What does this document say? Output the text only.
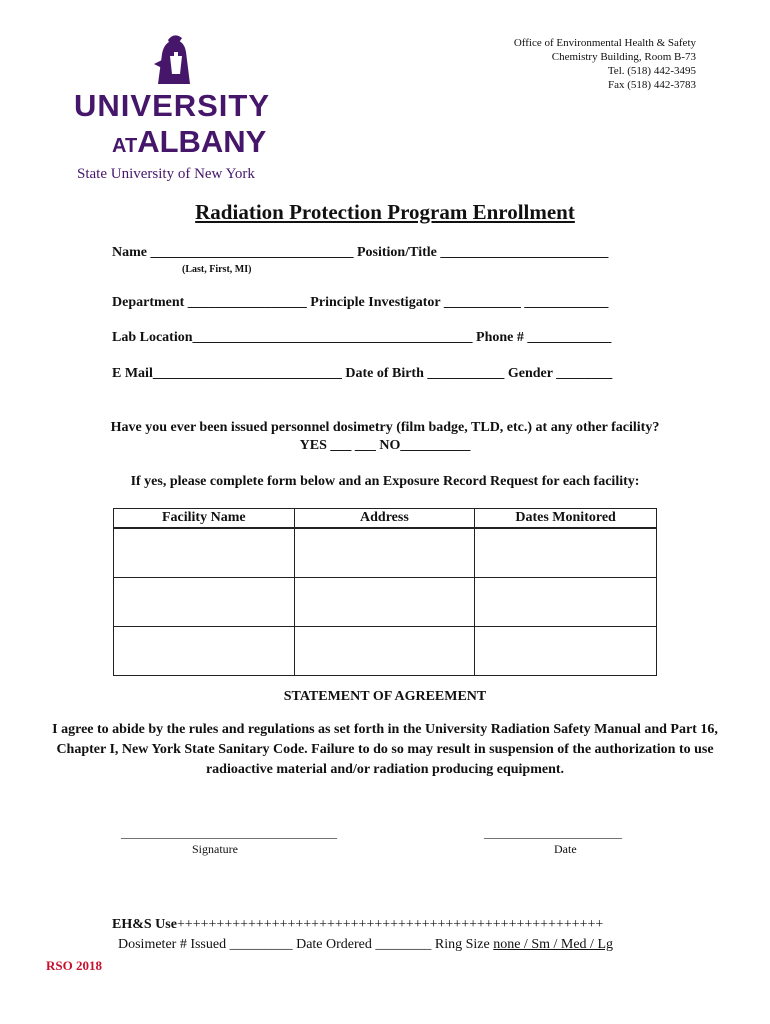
UNIVERSITY
ATALBANY
State University of New York
Office of Environmental Health & Safety
Chemistry Building, Room B-73
Tel. (518) 442-3495
Fax (518) 442-3783
Radiation Protection Program Enrollment
Name _____________________________ Position/Title ________________________
(Last, First, MI)
Department _________________ Principle Investigator ___________ ____________
Lab Location________________________________________ Phone # ____________
E Mail___________________________ Date of Birth ___________ Gender ________
Have you ever been issued personnel dosimetry (film badge, TLD, etc.) at any other facility?
YES ___ ___ NO__________
If yes, please complete form below and an Exposure Record Request for each facility:
Facility Name	Address	Dates Monitored

STATEMENT OF AGREEMENT
I agree to abide by the rules and regulations as set forth in the University Radiation Safety Manual and Part 16, Chapter I, New York State Sanitary Code. Failure to do so may result in suspension of the authorization to use radioactive material and/or radiation producing equipment.
____________________________________
Signature
_______________________
Date
EH&S Use++++++++++++++++++++++++++++++++++++++++++++++++++++++
Dosimeter # Issued _________ Date Ordered ________ Ring Size none / Sm / Med / Lg
RSO 2018
